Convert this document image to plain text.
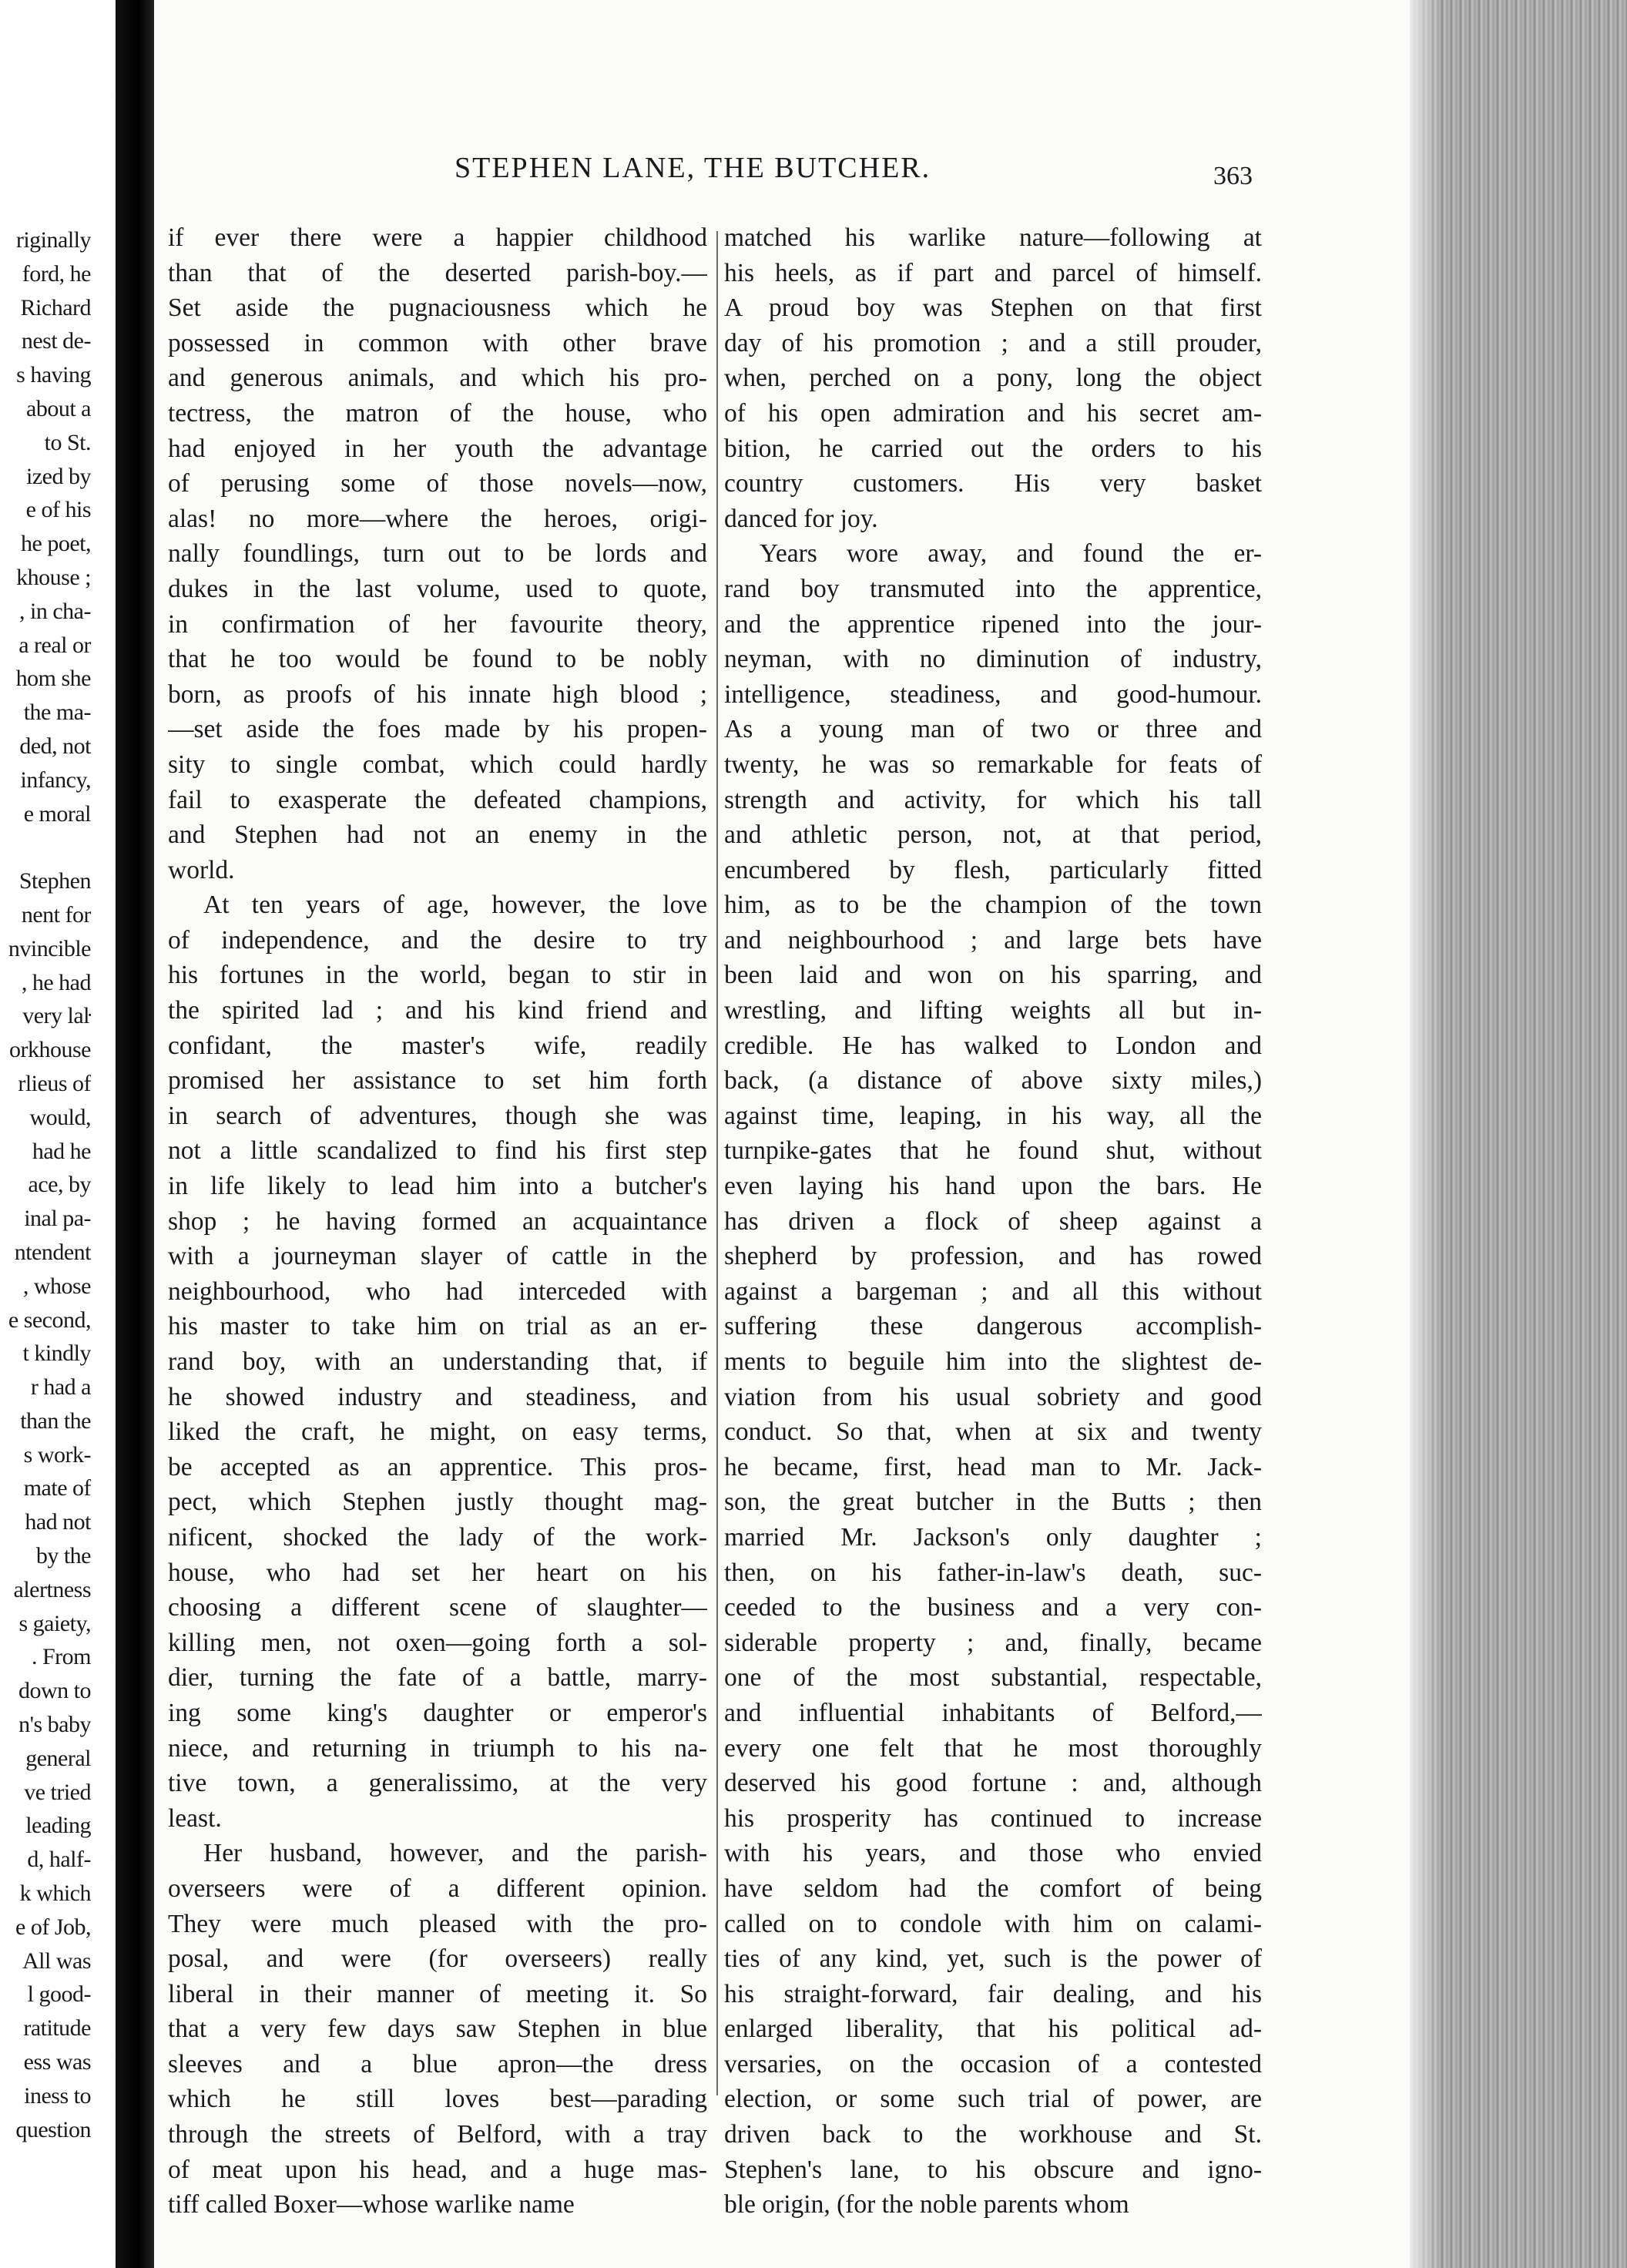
riginally
ford, he
Richard
nest de-
s having
about a
to St.
ized by
e of his
he poet,
khouse ;
, in cha-
a real or
hom she
the ma-
ded, not
infancy,
e moral

Stephen
nent for
nvincible
, he had
very laŀ
orkhouse
rlieus of
would,
had he
ace, by
inal pa-
ntendent
, whose
e second,
t kindly
r had a
than the
s work-
mate of
had not
by the
alertness
s gaiety,
. From
down to
n's baby
general
ve tried
leading
d, half-
k which
e of Job,
All was
l good-
ratitude
ess was
iness to
question
STEPHEN LANE, THE BUTCHER.	363
if ever there were a happier childhood
than that of the deserted parish-boy.—
Set aside the pugnaciousness which he
possessed in common with other brave
and generous animals, and which his pro-
tectress, the matron of the house, who
had enjoyed in her youth the advantage
of perusing some of those novels—now,
alas! no more—where the heroes, origi-
nally foundlings, turn out to be lords and
dukes in the last volume, used to quote,
in confirmation of her favourite theory,
that he too would be found to be nobly
born, as proofs of his innate high blood ;
—set aside the foes made by his propen-
sity to single combat, which could hardly
fail to exasperate the defeated champions,
and Stephen had not an enemy in the
world.
At ten years of age, however, the love
of independence, and the desire to try
his fortunes in the world, began to stir in
the spirited lad ; and his kind friend and
confidant, the master's wife, readily
promised her assistance to set him forth
in search of adventures, though she was
not a little scandalized to find his first step
in life likely to lead him into a butcher's
shop ; he having formed an acquaintance
with a journeyman slayer of cattle in the
neighbourhood, who had interceded with
his master to take him on trial as an er-
rand boy, with an understanding that, if
he showed industry and steadiness, and
liked the craft, he might, on easy terms,
be accepted as an apprentice. This pros-
pect, which Stephen justly thought mag-
nificent, shocked the lady of the work-
house, who had set her heart on his
choosing a different scene of slaughter—
killing men, not oxen—going forth a sol-
dier, turning the fate of a battle, marry-
ing some king's daughter or emperor's
niece, and returning in triumph to his na-
tive town, a generalissimo, at the very
least.
Her husband, however, and the parish-
overseers were of a different opinion.
They were much pleased with the pro-
posal, and were (for overseers) really
liberal in their manner of meeting it. So
that a very few days saw Stephen in blue
sleeves and a blue apron—the dress
which he still loves best—parading
through the streets of Belford, with a tray
of meat upon his head, and a huge mas-
tiff called Boxer—whose warlike name
matched his warlike nature—following at
his heels, as if part and parcel of himself.
A proud boy was Stephen on that first
day of his promotion ; and a still prouder,
when, perched on a pony, long the object
of his open admiration and his secret am-
bition, he carried out the orders to his
country customers. His very basket
danced for joy.
Years wore away, and found the er-
rand boy transmuted into the apprentice,
and the apprentice ripened into the jour-
neyman, with no diminution of industry,
intelligence, steadiness, and good-humour.
As a young man of two or three and
twenty, he was so remarkable for feats of
strength and activity, for which his tall
and athletic person, not, at that period,
encumbered by flesh, particularly fitted
him, as to be the champion of the town
and neighbourhood ; and large bets have
been laid and won on his sparring, and
wrestling, and lifting weights all but in-
credible. He has walked to London and
back, (a distance of above sixty miles,)
against time, leaping, in his way, all the
turnpike-gates that he found shut, without
even laying his hand upon the bars. He
has driven a flock of sheep against a
shepherd by profession, and has rowed
against a bargeman ; and all this without
suffering these dangerous accomplish-
ments to beguile him into the slightest de-
viation from his usual sobriety and good
conduct. So that, when at six and twenty
he became, first, head man to Mr. Jack-
son, the great butcher in the Butts ; then
married Mr. Jackson's only daughter ;
then, on his father-in-law's death, suc-
ceeded to the business and a very con-
siderable property ; and, finally, became
one of the most substantial, respectable,
and influential inhabitants of Belford,—
every one felt that he most thoroughly
deserved his good fortune : and, although
his prosperity has continued to increase
with his years, and those who envied
have seldom had the comfort of being
called on to condole with him on calami-
ties of any kind, yet, such is the power of
his straight-forward, fair dealing, and his
enlarged liberality, that his political ad-
versaries, on the occasion of a contested
election, or some such trial of power, are
driven back to the workhouse and St.
Stephen's lane, to his obscure and igno-
ble origin, (for the noble parents whom
